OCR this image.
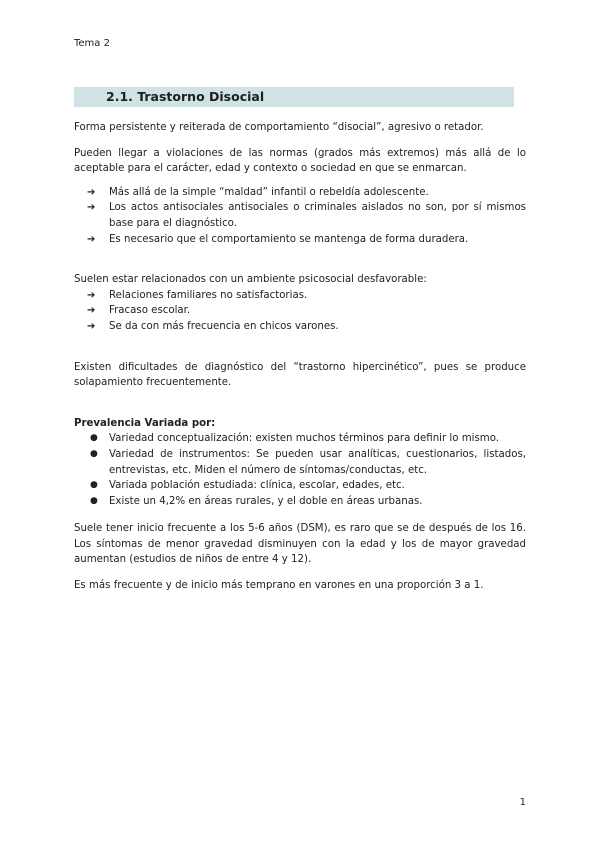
Tema 2
2.1. Trastorno Disocial

Forma persistente y reiterada de comportamiento “disocial”, agresivo o retador.

Pueden llegar a violaciones de las normas (grados más extremos) más allá de lo aceptable para el carácter, edad y contexto o sociedad en que se enmarcan.

➔ Más allá de la simple “maldad” infantil o rebeldía adolescente.
➔ Los actos antisociales antisociales o criminales aislados no son, por sí mismos base para el diagnóstico.
➔ Es necesario que el comportamiento se mantenga de forma duradera.

Suelen estar relacionados con un ambiente psicosocial desfavorable:

➔ Relaciones familiares no satisfactorias.
➔ Fracaso escolar.
➔ Se da con más frecuencia en chicos varones.

Existen dificultades de diagnóstico del “trastorno hipercinético”, pues se produce solapamiento frecuentemente.

Prevalencia Variada por:

● Variedad conceptualización: existen muchos términos para definir lo mismo.
● Variedad de instrumentos: Se pueden usar analíticas, cuestionarios, listados, entrevistas, etc. Miden el número de síntomas/conductas, etc.
● Variada población estudiada: clínica, escolar, edades, etc.
● Existe un 4,2% en áreas rurales, y el doble en áreas urbanas.

Suele tener inicio frecuente a los 5-6 años (DSM), es raro que se de después de los 16. Los síntomas de menor gravedad disminuyen con la edad y los de mayor gravedad aumentan (estudios de niños de entre 4 y 12).

Es más frecuente y de inicio más temprano en varones en una proporción 3 a 1.

1
